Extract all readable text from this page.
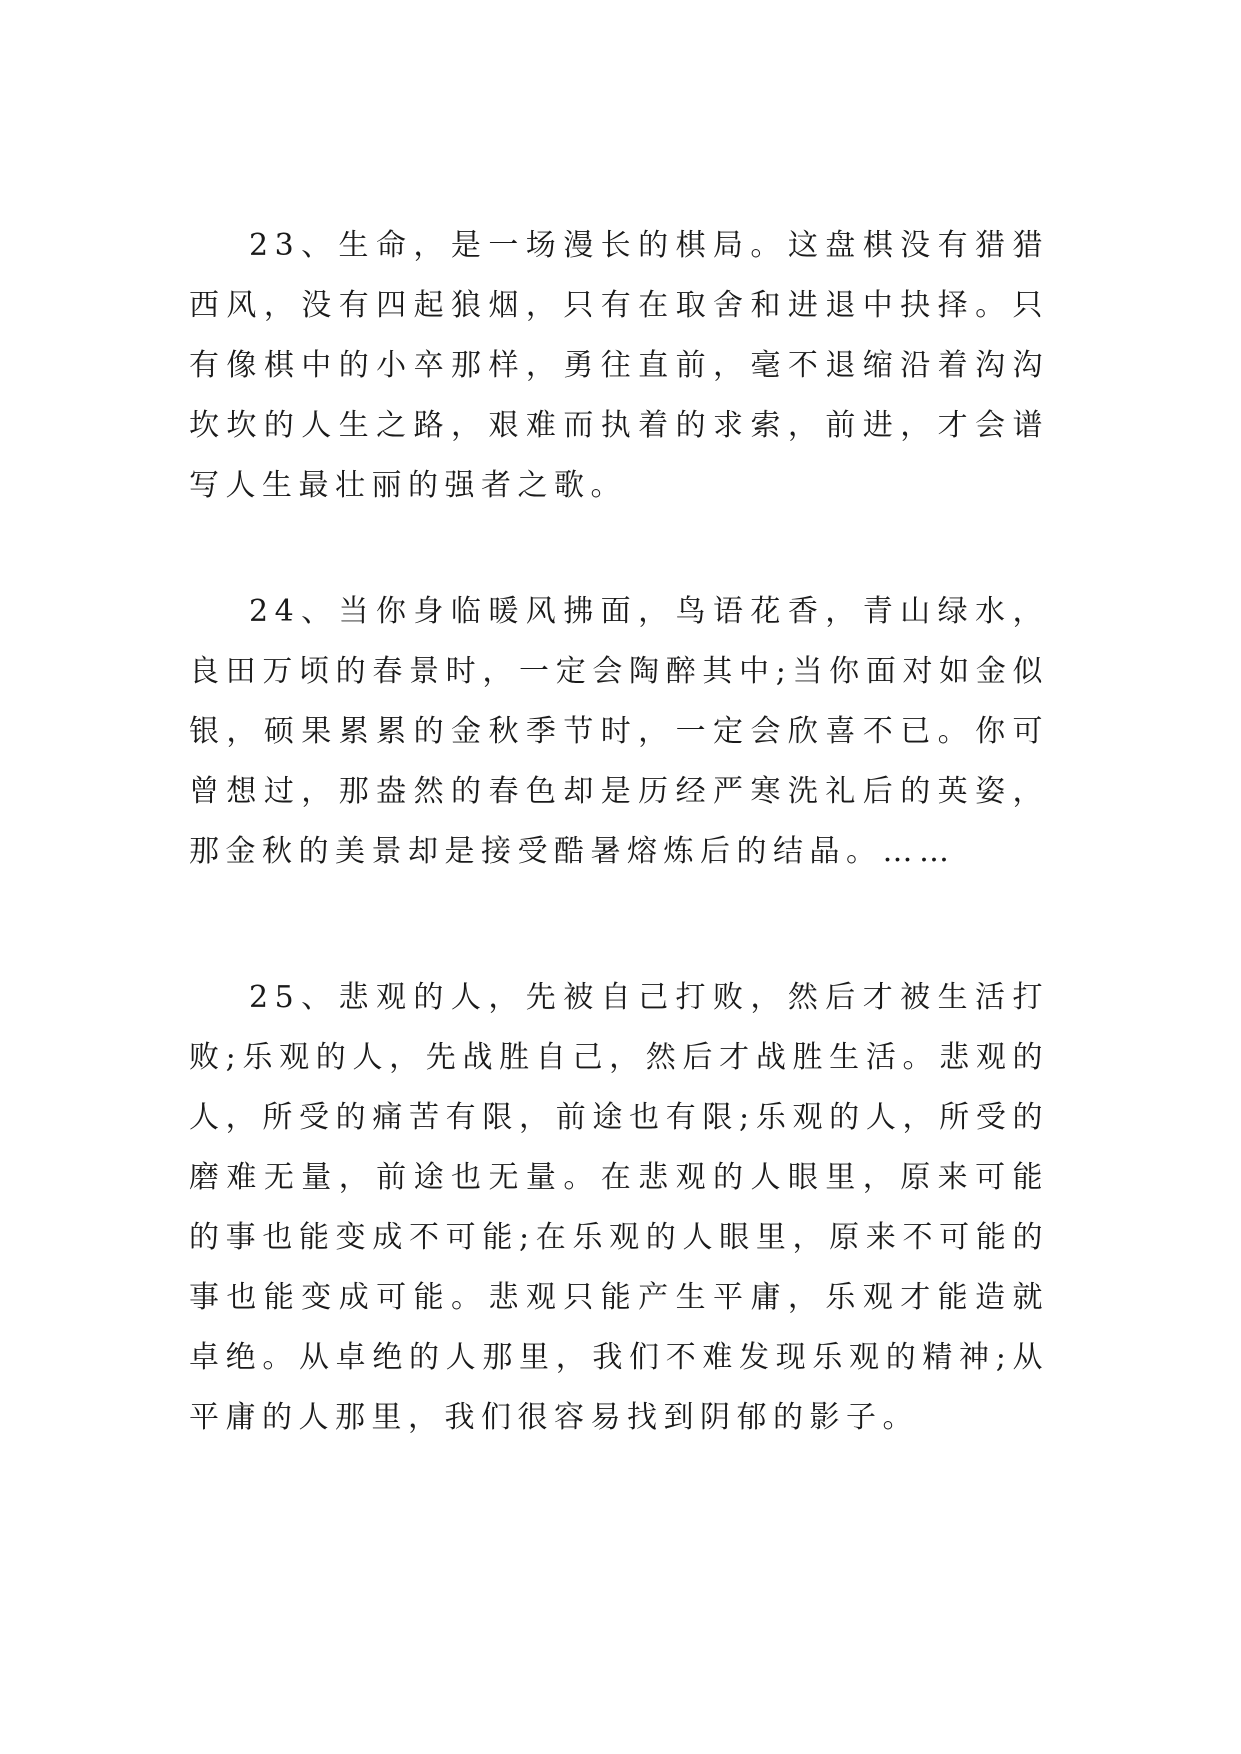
23、生命，是一场漫长的棋局。这盘棋没有猎猎西风，没有四起狼烟，只有在取舍和进退中抉择。只有像棋中的小卒那样，勇往直前，毫不退缩沿着沟沟坎坎的人生之路，艰难而执着的求索，前进，才会谱写人生最壮丽的强者之歌。

24、当你身临暖风拂面，鸟语花香，青山绿水，良田万顷的春景时，一定会陶醉其中;当你面对如金似银，硕果累累的金秋季节时，一定会欣喜不已。你可曾想过，那盎然的春色却是历经严寒洗礼后的英姿，那金秋的美景却是接受酷暑熔炼后的结晶。……

25、悲观的人，先被自己打败，然后才被生活打败;乐观的人，先战胜自己，然后才战胜生活。悲观的人，所受的痛苦有限，前途也有限;乐观的人，所受的磨难无量，前途也无量。在悲观的人眼里，原来可能的事也能变成不可能;在乐观的人眼里，原来不可能的事也能变成可能。悲观只能产生平庸，乐观才能造就卓绝。从卓绝的人那里，我们不难发现乐观的精神;从平庸的人那里，我们很容易找到阴郁的影子。
